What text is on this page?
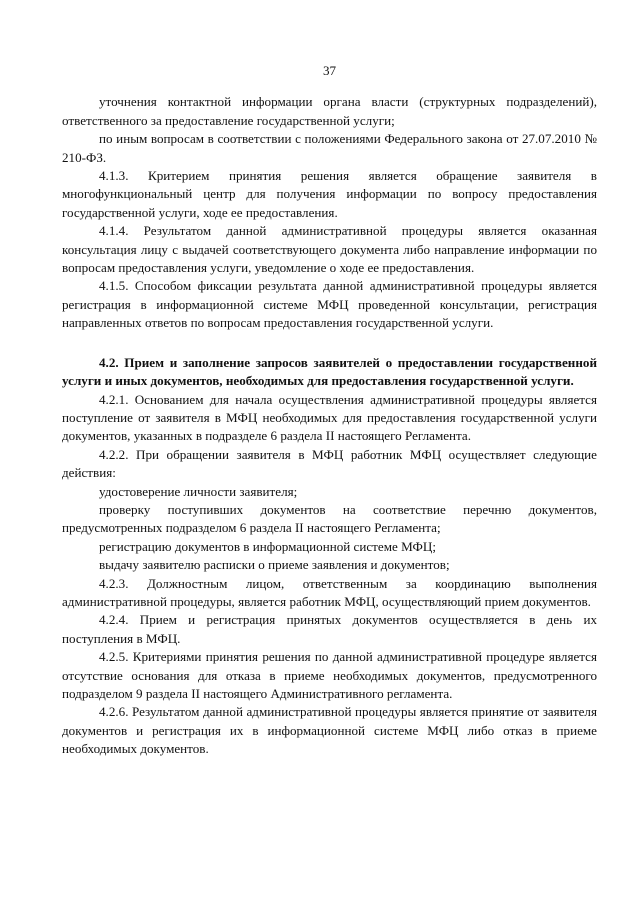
37

уточнения контактной информации органа власти (структурных подразделений), ответственного за предоставление государственной услуги;

по иным вопросам в соответствии с положениями Федерального закона от 27.07.2010 № 210-ФЗ.

4.1.3. Критерием принятия решения является обращение заявителя в многофункциональный центр для получения информации по вопросу предоставления государственной услуги, ходе ее предоставления.

4.1.4. Результатом данной административной процедуры является оказанная консультация лицу с выдачей соответствующего документа либо направление информации по вопросам предоставления услуги, уведомление о ходе ее предоставления.

4.1.5. Способом фиксации результата данной административной процедуры является регистрация в информационной системе МФЦ проведенной консультации, регистрация направленных ответов по вопросам предоставления государственной услуги.

4.2. Прием и заполнение запросов заявителей о предоставлении государственной услуги и иных документов, необходимых для предоставления государственной услуги.

4.2.1. Основанием для начала осуществления административной процедуры является поступление от заявителя в МФЦ необходимых для предоставления государственной услуги документов, указанных в подразделе 6 раздела II настоящего Регламента.

4.2.2. При обращении заявителя в МФЦ работник МФЦ осуществляет следующие действия:

удостоверение личности заявителя;

проверку поступивших документов на соответствие перечню документов, предусмотренных подразделом 6 раздела II настоящего Регламента;

регистрацию документов в информационной системе МФЦ;

выдачу заявителю расписки о приеме заявления и документов;

4.2.3. Должностным лицом, ответственным за координацию выполнения административной процедуры, является работник МФЦ, осуществляющий прием документов.

4.2.4. Прием и регистрация принятых документов осуществляется в день их поступления в МФЦ.

4.2.5. Критериями принятия решения по данной административной процедуре является отсутствие основания для отказа в приеме необходимых документов, предусмотренного подразделом 9 раздела II настоящего Административного регламента.

4.2.6. Результатом данной административной процедуры является принятие от заявителя документов и регистрация их в информационной системе МФЦ либо отказ в приеме необходимых документов.
